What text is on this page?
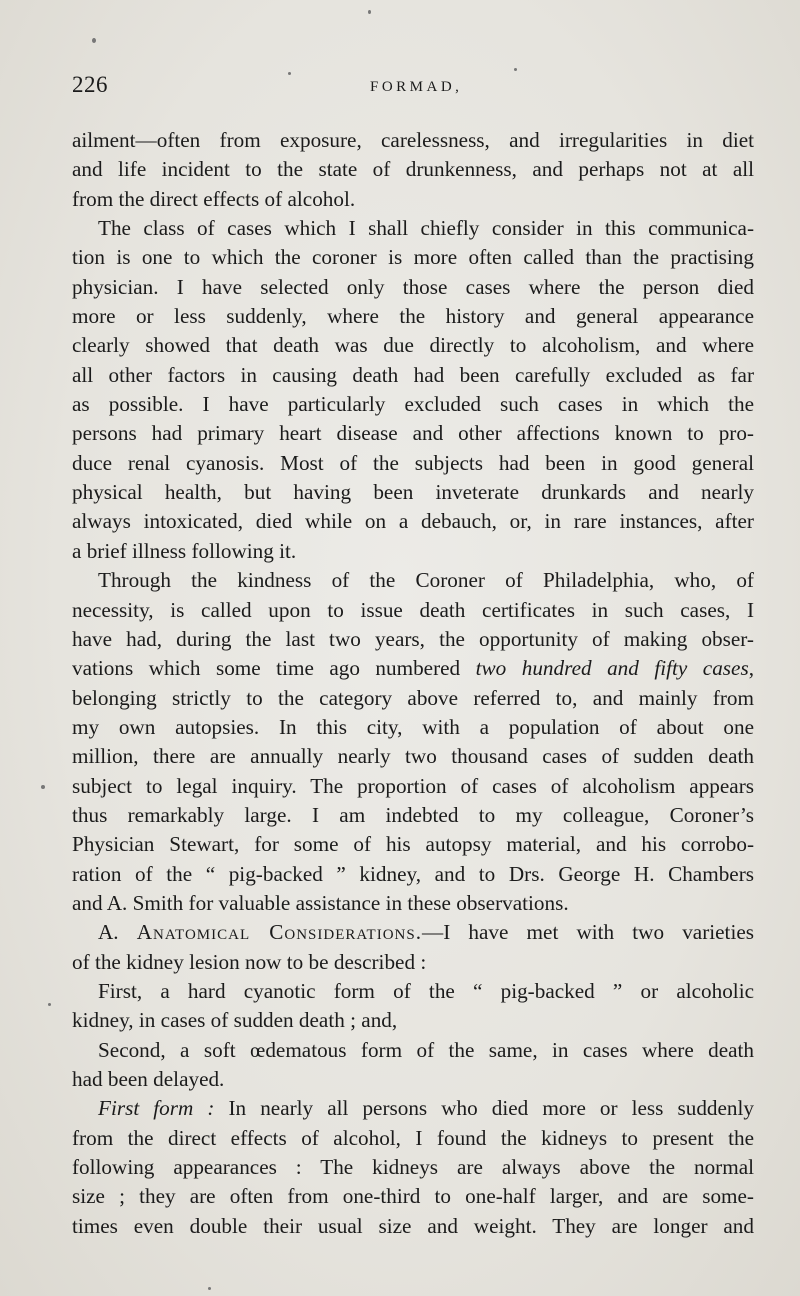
226	FORMAD,
ailment—often from exposure, carelessness, and irregularities in diet
and life incident to the state of drunkenness, and perhaps not at all
from the direct effects of alcohol.
The class of cases which I shall chiefly consider in this communica-
tion is one to which the coroner is more often called than the practising
physician. I have selected only those cases where the person died
more or less suddenly, where the history and general appearance
clearly showed that death was due directly to alcoholism, and where
all other factors in causing death had been carefully excluded as far
as possible. I have particularly excluded such cases in which the
persons had primary heart disease and other affections known to pro-
duce renal cyanosis. Most of the subjects had been in good general
physical health, but having been inveterate drunkards and nearly
always intoxicated, died while on a debauch, or, in rare instances, after
a brief illness following it.
Through the kindness of the Coroner of Philadelphia, who, of
necessity, is called upon to issue death certificates in such cases, I
have had, during the last two years, the opportunity of making obser-
vations which some time ago numbered two hundred and fifty cases,
belonging strictly to the category above referred to, and mainly from
my own autopsies. In this city, with a population of about one
million, there are annually nearly two thousand cases of sudden death
subject to legal inquiry. The proportion of cases of alcoholism appears
thus remarkably large. I am indebted to my colleague, Coroner’s
Physician Stewart, for some of his autopsy material, and his corrobo-
ration of the “ pig-backed ” kidney, and to Drs. George H. Chambers
and A. Smith for valuable assistance in these observations.
A. Anatomical Considerations.—I have met with two varieties
of the kidney lesion now to be described :
First, a hard cyanotic form of the “ pig-backed ” or alcoholic
kidney, in cases of sudden death ; and,
Second, a soft œdematous form of the same, in cases where death
had been delayed.
First form : In nearly all persons who died more or less suddenly
from the direct effects of alcohol, I found the kidneys to present the
following appearances : The kidneys are always above the normal
size ; they are often from one-third to one-half larger, and are some-
times even double their usual size and weight. They are longer and
